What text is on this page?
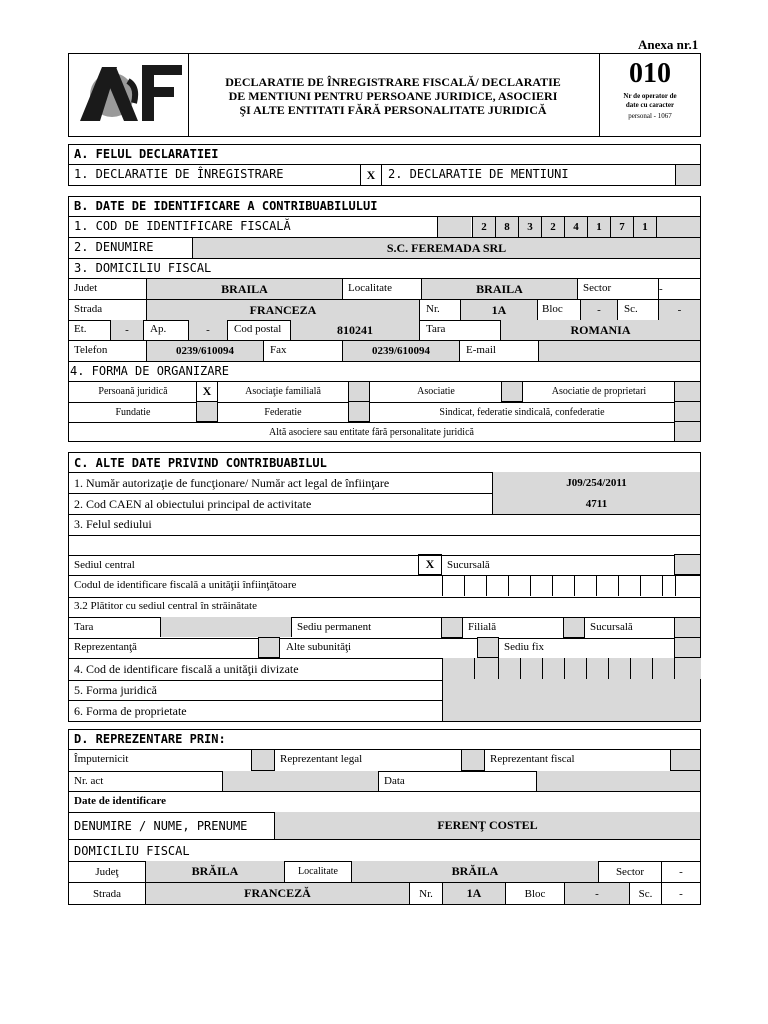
Anexa nr.1
DECLARATIE DE ÎNREGISTRARE FISCALĂ/ DECLARATIE
DE MENTIUNI PENTRU PERSOANE JURIDICE, ASOCIERI
ŞI ALTE ENTITATI FĂRĂ PERSONALITATE JURIDICĂ
010
Nr de operator de
date cu caracter
personal - 1067
A. FELUL DECLARATIEI
1. DECLARATIE DE ÎNREGISTRARE	X	2. DECLARATIE DE MENTIUNI
B. DATE DE IDENTIFICARE A CONTRIBUABILULUI
1. COD DE IDENTIFICARE FISCALĂ	2	8	3	2	4	1	7	1
2. DENUMIRE	S.C. FEREMADA SRL
3. DOMICILIU FISCAL
Judet	BRAILA	Localitate	BRAILA	Sector	-
Strada	FRANCEZA	Nr.	1A	Bloc	-	Sc.	-
Et.	-	Ap.	-	Cod postal	810241	Tara	ROMANIA
Telefon	0239/610094	Fax	0239/610094	E-mail
4. FORMA DE ORGANIZARE
Persoană juridică	X	Asociaţie familială	Asociatie	Asociatie de proprietari
Fundatie	Federatie	Sindicat, federatie sindicală, confederatie
Altă asociere sau entitate fără personalitate juridică
C. ALTE DATE PRIVIND CONTRIBUABILUL
1. Număr autorizaţie de funcţionare/ Număr act legal de înfiinţare	J09/254/2011
2. Cod CAEN al obiectului principal de activitate	4711
3. Felul sediului
Sediul central	X	Sucursală
Codul de identificare fiscală a unităţii înfiinţătoare
3.2 Plătitor cu sediul central în străinătate
Tara	Sediu permanent	Filială	Sucursală
Reprezentanţă	Alte subunităţi	Sediu fix
4. Cod de identificare fiscală a unităţii divizate
5. Forma juridică
6. Forma de proprietate
D. REPREZENTARE PRIN:
Împuternicit	Reprezentant legal	Reprezentant fiscal
Nr. act	Data
Date de identificare
DENUMIRE / NUME, PRENUME	FERENŢ COSTEL
DOMICILIU FISCAL
Judeţ	BRĂILA	Localitate	BRĂILA	Sector	-
Strada	FRANCEZĂ	Nr.	1A	Bloc	-	Sc.	-
